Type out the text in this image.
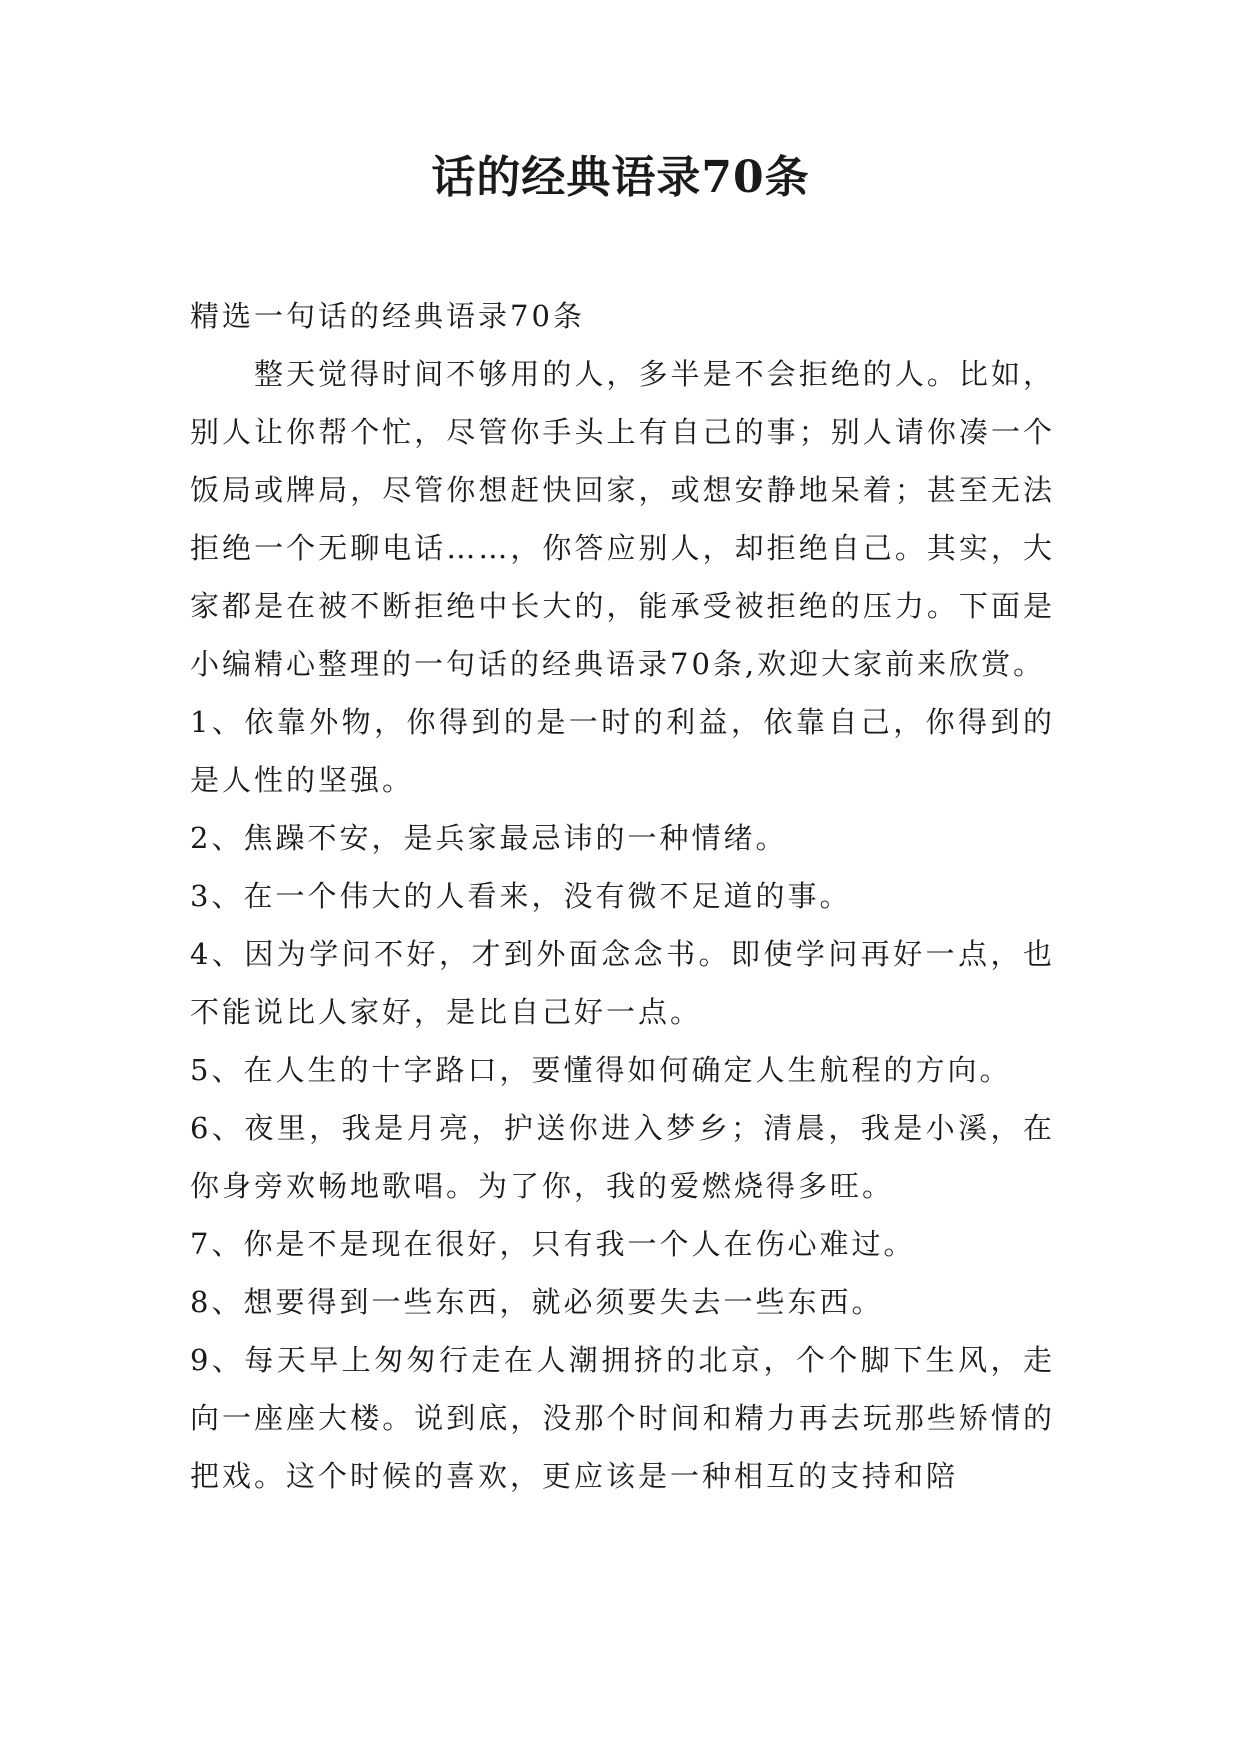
话的经典语录70条

精选一句话的经典语录70条

整天觉得时间不够用的人，多半是不会拒绝的人。比如，别人让你帮个忙，尽管你手头上有自己的事；别人请你凑一个饭局或牌局，尽管你想赶快回家，或想安静地呆着；甚至无法拒绝一个无聊电话……，你答应别人，却拒绝自己。其实，大家都是在被不断拒绝中长大的，能承受被拒绝的压力。下面是小编精心整理的一句话的经典语录70条,欢迎大家前来欣赏。

1、依靠外物，你得到的是一时的利益，依靠自己，你得到的是人性的坚强。

2、焦躁不安，是兵家最忌讳的一种情绪。

3、在一个伟大的人看来，没有微不足道的事。

4、因为学问不好，才到外面念念书。即使学问再好一点，也不能说比人家好，是比自己好一点。

5、在人生的十字路口，要懂得如何确定人生航程的方向。

6、夜里，我是月亮，护送你进入梦乡；清晨，我是小溪，在你身旁欢畅地歌唱。为了你，我的爱燃烧得多旺。

7、你是不是现在很好，只有我一个人在伤心难过。

8、想要得到一些东西，就必须要失去一些东西。

9、每天早上匆匆行走在人潮拥挤的北京，个个脚下生风，走向一座座大楼。说到底，没那个时间和精力再去玩那些矫情的把戏。这个时候的喜欢，更应该是一种相互的支持和陪
